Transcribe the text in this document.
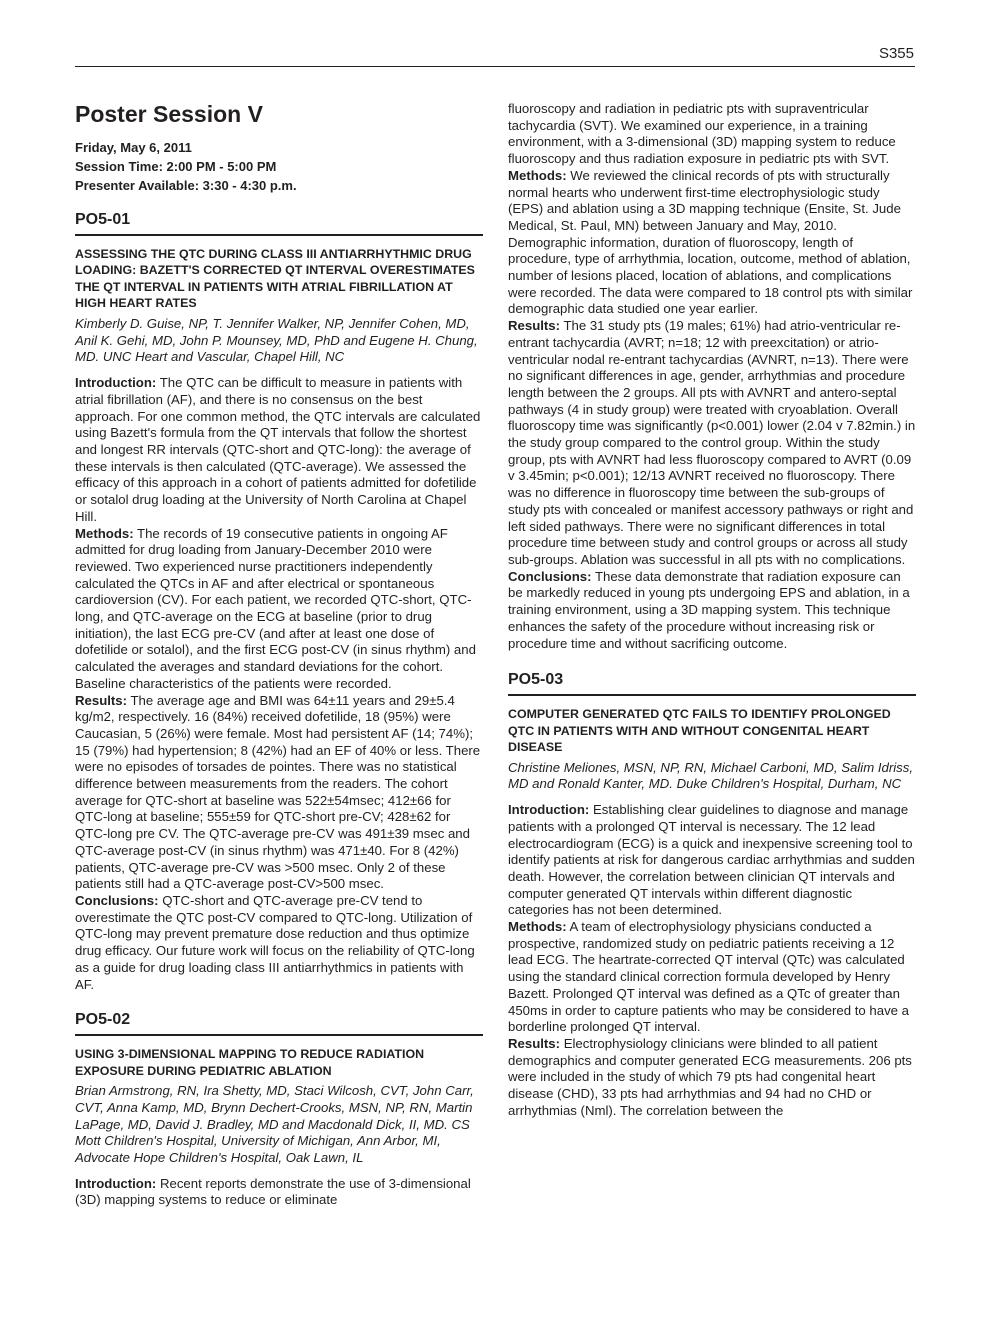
S355
Poster Session V
Friday, May 6, 2011
Session Time: 2:00 PM - 5:00 PM
Presenter Available: 3:30 - 4:30 p.m.
PO5-01
ASSESSING THE QTC DURING CLASS III ANTIARRHYTHMIC DRUG LOADING: BAZETT'S CORRECTED QT INTERVAL OVERESTIMATES THE QT INTERVAL IN PATIENTS WITH ATRIAL FIBRILLATION AT HIGH HEART RATES
Kimberly D. Guise, NP, T. Jennifer Walker, NP, Jennifer Cohen, MD, Anil K. Gehi, MD, John P. Mounsey, MD, PhD and Eugene H. Chung, MD. UNC Heart and Vascular, Chapel Hill, NC

Introduction: The QTC can be difficult to measure in patients with atrial fibrillation (AF), and there is no consensus on the best approach. For one common method, the QTC intervals are calculated using Bazett's formula from the QT intervals that follow the shortest and longest RR intervals (QTC-short and QTC-long): the average of these intervals is then calculated (QTC-average). We assessed the efficacy of this approach in a cohort of patients admitted for dofetilide or sotalol drug loading at the University of North Carolina at Chapel Hill.

Methods: The records of 19 consecutive patients in ongoing AF admitted for drug loading from January-December 2010 were reviewed. Two experienced nurse practitioners independently calculated the QTCs in AF and after electrical or spontaneous cardioversion (CV). For each patient, we recorded QTC-short, QTC-long, and QTC-average on the ECG at baseline (prior to drug initiation), the last ECG pre-CV (and after at least one dose of dofetilide or sotalol), and the first ECG post-CV (in sinus rhythm) and calculated the averages and standard deviations for the cohort. Baseline characteristics of the patients were recorded.

Results: The average age and BMI was 64±11 years and 29±5.4 kg/m2, respectively. 16 (84%) received dofetilide, 18 (95%) were Caucasian, 5 (26%) were female. Most had persistent AF (14; 74%); 15 (79%) had hypertension; 8 (42%) had an EF of 40% or less. There were no episodes of torsades de pointes. There was no statistical difference between measurements from the readers. The cohort average for QTC-short at baseline was 522±54msec; 412±66 for QTC-long at baseline; 555±59 for QTC-short pre-CV; 428±62 for QTC-long pre CV. The QTC-average pre-CV was 491±39 msec and QTC-average post-CV (in sinus rhythm) was 471±40. For 8 (42%) patients, QTC-average pre-CV was >500 msec. Only 2 of these patients still had a QTC-average post-CV>500 msec.

Conclusions: QTC-short and QTC-average pre-CV tend to overestimate the QTC post-CV compared to QTC-long. Utilization of QTC-long may prevent premature dose reduction and thus optimize drug efficacy. Our future work will focus on the reliability of QTC-long as a guide for drug loading class III antiarrhythmics in patients with AF.

PO5-02
USING 3-DIMENSIONAL MAPPING TO REDUCE RADIATION EXPOSURE DURING PEDIATRIC ABLATION
Brian Armstrong, RN, Ira Shetty, MD, Staci Wilcosh, CVT, John Carr, CVT, Anna Kamp, MD, Brynn Dechert-Crooks, MSN, NP, RN, Martin LaPage, MD, David J. Bradley, MD and Macdonald Dick, II, MD. CS Mott Children's Hospital, University of Michigan, Ann Arbor, MI, Advocate Hope Children's Hospital, Oak Lawn, IL

Introduction: Recent reports demonstrate the use of 3-dimensional (3D) mapping systems to reduce or eliminate

fluoroscopy and radiation in pediatric pts with supraventricular tachycardia (SVT). We examined our experience, in a training environment, with a 3-dimensional (3D) mapping system to reduce fluoroscopy and thus radiation exposure in pediatric pts with SVT.

Methods: We reviewed the clinical records of pts with structurally normal hearts who underwent first-time electrophysiologic study (EPS) and ablation using a 3D mapping technique (Ensite, St. Jude Medical, St. Paul, MN) between January and May, 2010. Demographic information, duration of fluoroscopy, length of procedure, type of arrhythmia, location, outcome, method of ablation, number of lesions placed, location of ablations, and complications were recorded. The data were compared to 18 control pts with similar demographic data studied one year earlier.

Results: The 31 study pts (19 males; 61%) had atrio-ventricular re-entrant tachycardia (AVRT; n=18; 12 with preexcitation) or atrio-ventricular nodal re-entrant tachycardias (AVNRT, n=13). There were no significant differences in age, gender, arrhythmias and procedure length between the 2 groups. All pts with AVNRT and antero-septal pathways (4 in study group) were treated with cryoablation. Overall fluoroscopy time was significantly (p<0.001) lower (2.04 v 7.82min.) in the study group compared to the control group. Within the study group, pts with AVNRT had less fluoroscopy compared to AVRT (0.09 v 3.45min; p<0.001); 12/13 AVNRT received no fluoroscopy. There was no difference in fluoroscopy time between the sub-groups of study pts with concealed or manifest accessory pathways or right and left sided pathways. There were no significant differences in total procedure time between study and control groups or across all study sub-groups. Ablation was successful in all pts with no complications.

Conclusions: These data demonstrate that radiation exposure can be markedly reduced in young pts undergoing EPS and ablation, in a training environment, using a 3D mapping system. This technique enhances the safety of the procedure without increasing risk or procedure time and without sacrificing outcome.

PO5-03
COMPUTER GENERATED QTC FAILS TO IDENTIFY PROLONGED QTC IN PATIENTS WITH AND WITHOUT CONGENITAL HEART DISEASE
Christine Meliones, MSN, NP, RN, Michael Carboni, MD, Salim Idriss, MD and Ronald Kanter, MD. Duke Children's Hospital, Durham, NC

Introduction: Establishing clear guidelines to diagnose and manage patients with a prolonged QT interval is necessary. The 12 lead electrocardiogram (ECG) is a quick and inexpensive screening tool to identify patients at risk for dangerous cardiac arrhythmias and sudden death. However, the correlation between clinician QT intervals and computer generated QT intervals within different diagnostic categories has not been determined.

Methods: A team of electrophysiology physicians conducted a prospective, randomized study on pediatric patients receiving a 12 lead ECG. The heartrate-corrected QT interval (QTc) was calculated using the standard clinical correction formula developed by Henry Bazett. Prolonged QT interval was defined as a QTc of greater than 450ms in order to capture patients who may be considered to have a borderline prolonged QT interval.

Results: Electrophysiology clinicians were blinded to all patient demographics and computer generated ECG measurements. 206 pts were included in the study of which 79 pts had congenital heart disease (CHD), 33 pts had arrhythmias and 94 had no CHD or arrhythmias (Nml). The correlation between the
